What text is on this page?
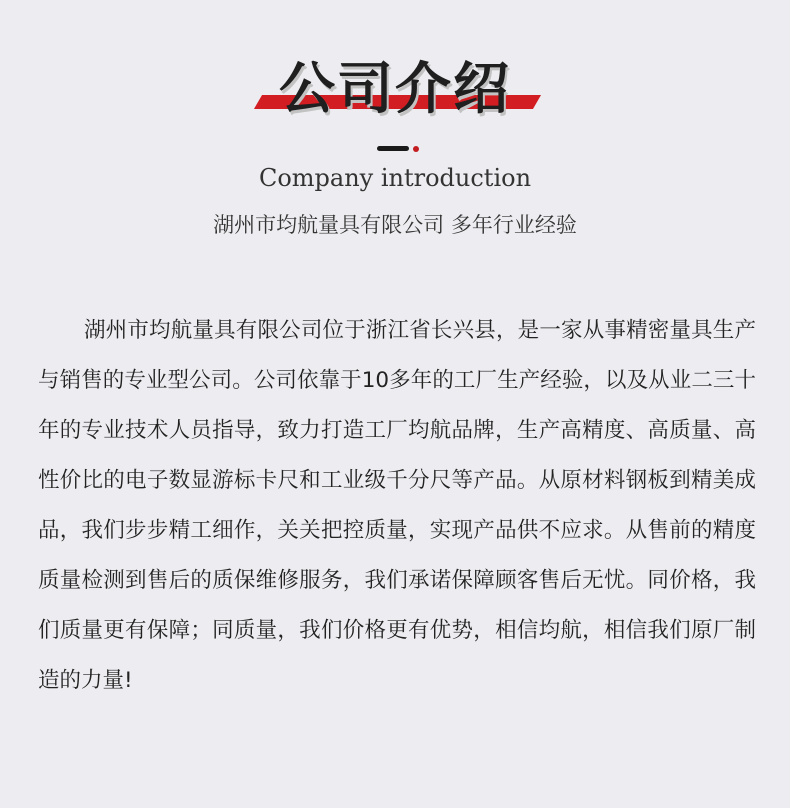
公司介绍
Company introduction
湖州市均航量具有限公司 多年行业经验

湖州市均航量具有限公司位于浙江省长兴县，是一家从事精密量具生产与销售的专业型公司。公司依靠于10多年的工厂生产经验，以及从业二三十年的专业技术人员指导，致力打造工厂均航品牌，生产高精度、高质量、高性价比的电子数显游标卡尺和工业级千分尺等产品。从原材料钢板到精美成品，我们步步精工细作，关关把控质量，实现产品供不应求。从售前的精度质量检测到售后的质保维修服务，我们承诺保障顾客售后无忧。同价格，我们质量更有保障；同质量，我们价格更有优势，相信均航，相信我们原厂制造的力量!
